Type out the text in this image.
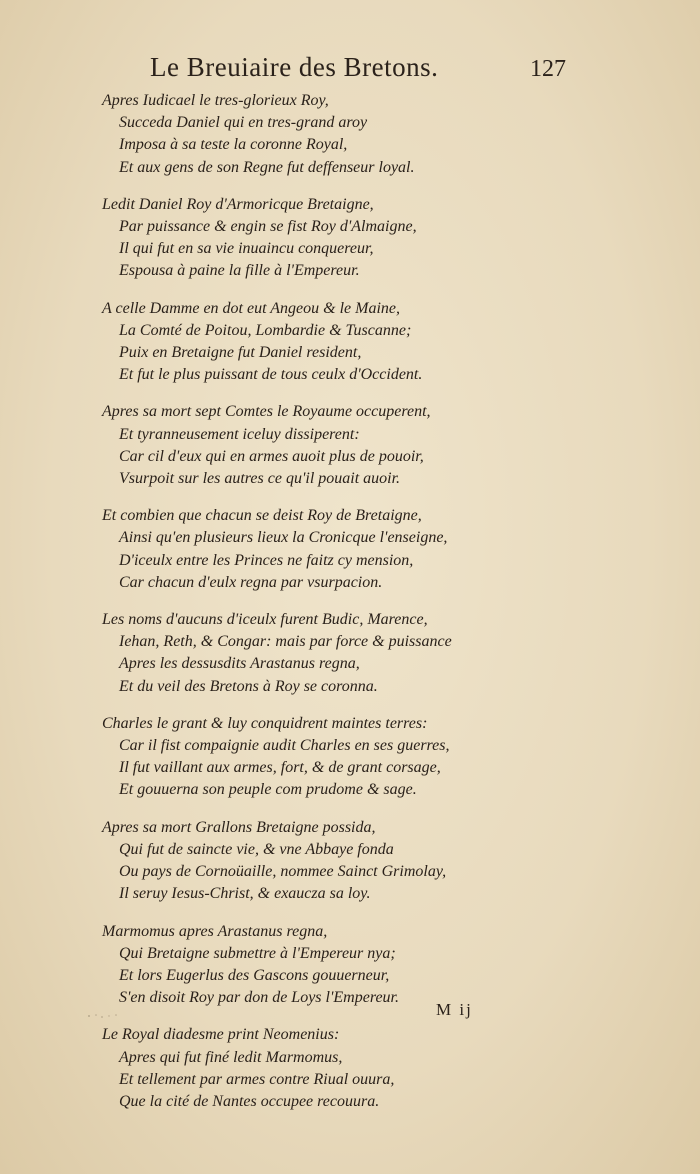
Le Breuiaire des Bretons.	127
Apres Iudicael le tres-glorieux Roy,
Succeda Daniel qui en tres-grand aroy
Imposa à sa teste la coronne Royal,
Et aux gens de son Regne fut deffenseur loyal.
Ledit Daniel Roy d'Armoricque Bretaigne,
Par puissance & engin se fist Roy d'Almaigne,
Il qui fut en sa vie inuaincu conquereur,
Espousa à paine la fille à l'Empereur.
A celle Damme en dot eut Angeou & le Maine,
La Comté de Poitou, Lombardie & Tuscanne;
Puix en Bretaigne fut Daniel resident,
Et fut le plus puissant de tous ceulx d'Occident.
Apres sa mort sept Comtes le Royaume occuperent,
Et tyranneusement iceluy dissiperent:
Car cil d'eux qui en armes auoit plus de pouoir,
Vsurpoit sur les autres ce qu'il pouait auoir.
Et combien que chacun se deist Roy de Bretaigne,
Ainsi qu'en plusieurs lieux la Cronicque l'enseigne,
D'iceulx entre les Princes ne faitz cy mension,
Car chacun d'eulx regna par vsurpacion.
Les noms d'aucuns d'iceulx furent Budic, Marence,
Iehan, Reth, & Congar: mais par force & puissance
Apres les dessusdits Arastanus regna,
Et du veil des Bretons à Roy se coronna.
Charles le grant & luy conquidrent maintes terres:
Car il fist compaignie audit Charles en ses guerres,
Il fut vaillant aux armes, fort, & de grant corsage,
Et gouuerna son peuple com prudome & sage.
Apres sa mort Grallons Bretaigne possida,
Qui fut de saincte vie, & vne Abbaye fonda
Ou pays de Cornoüaille, nommee Sainct Grimolay,
Il seruy Iesus-Christ, & exaucza sa loy.
Marmomus apres Arastanus regna,
Qui Bretaigne submettre à l'Empereur nya;
Et lors Eugerlus des Gascons gouuerneur,
S'en disoit Roy par don de Loys l'Empereur.
Le Royal diadesme print Neomenius:
Apres qui fut finé ledit Marmomus,
Et tellement par armes contre Riual ouura,
Que la cité de Nantes occupee recouura.
M ij
